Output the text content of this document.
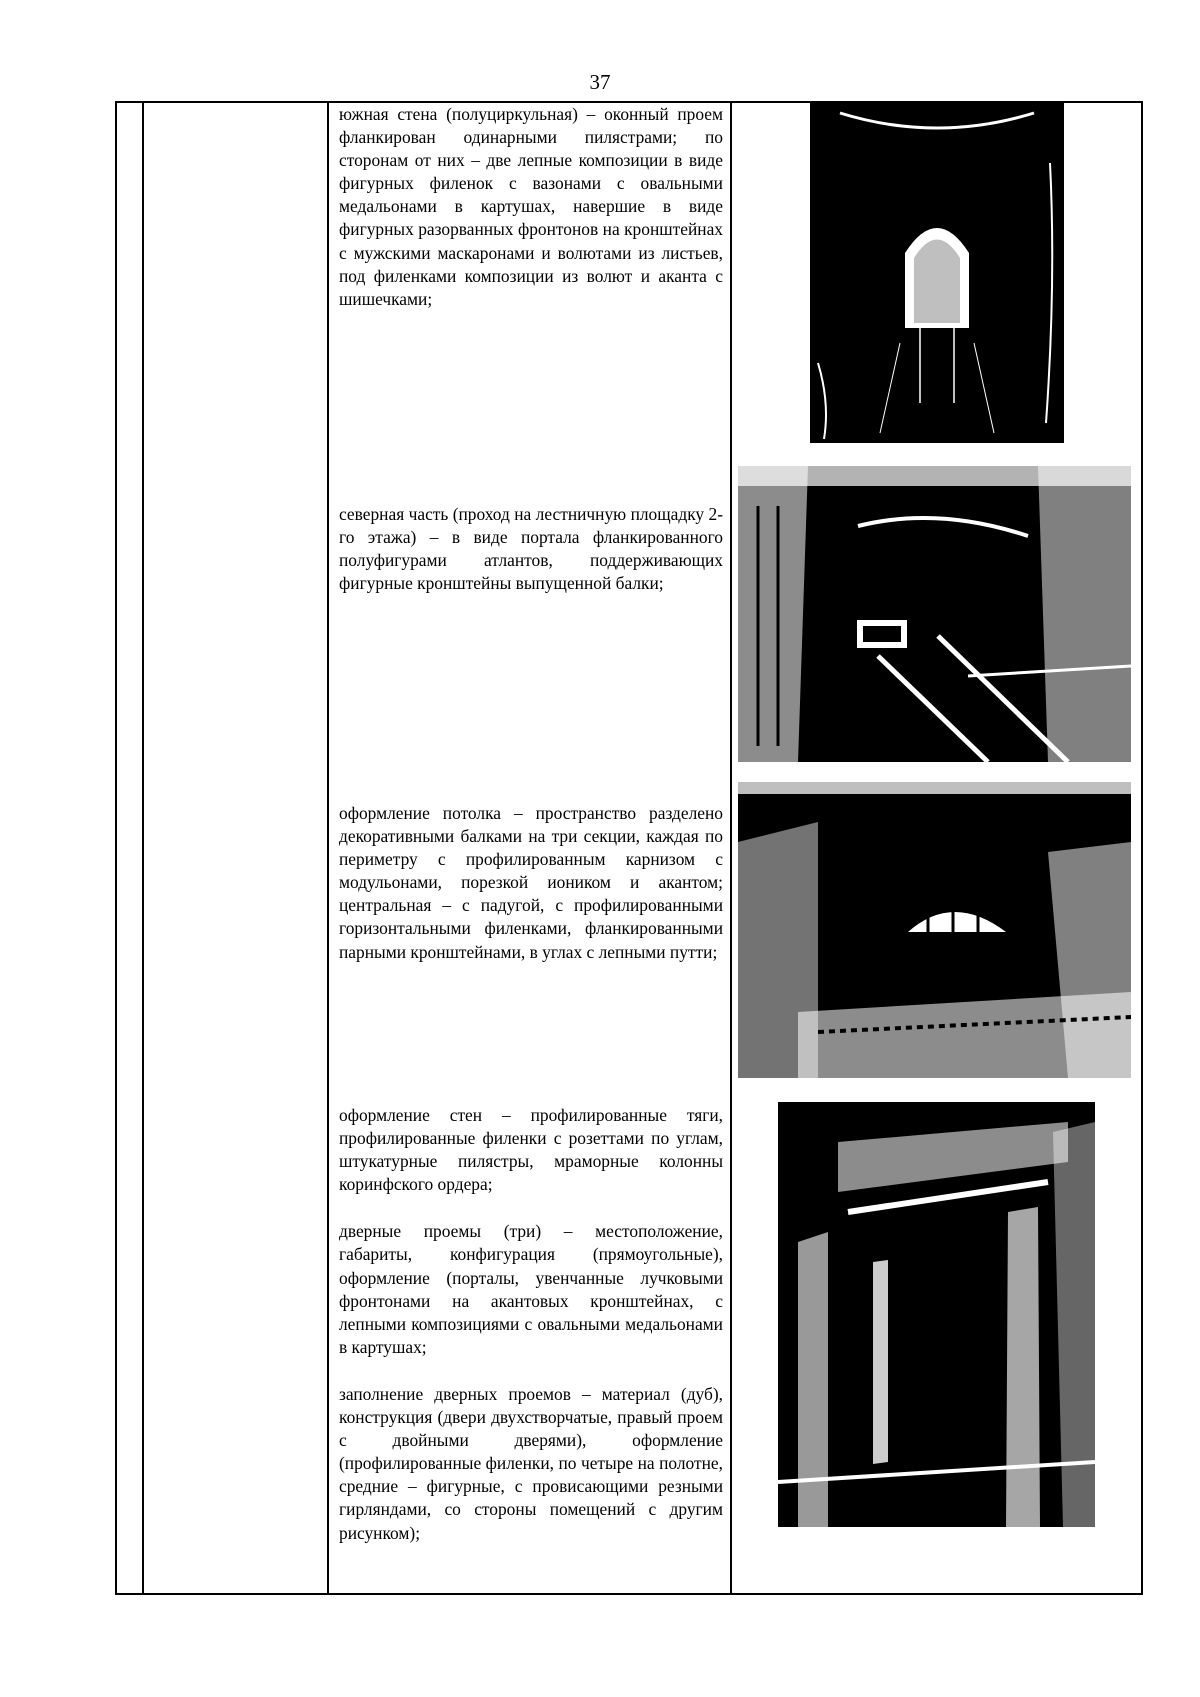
37

южная стена (полуциркульная) – оконный проем фланкирован одинарными пилястрами; по сторонам от них – две лепные композиции в виде фигурных филенок с вазонами с овальными медальонами в картушах, навершие в виде фигурных разорванных фронтонов на кронштейнах с мужскими маскаронами и волютами из листьев, под филенками композиции из волют и аканта с шишечками;

северная часть (проход на лестничную площадку 2-го этажа) – в виде портала фланкированного полуфигурами атлантов, поддерживающих фигурные кронштейны выпущенной балки;

оформление потолка – пространство разделено декоративными балками на три секции, каждая по периметру с профилированным карнизом с модульонами, порезкой иоником и акантом; центральная – с падугой, с профилированными горизонтальными филенками, фланкированными парными кронштейнами, в углах с лепными путти;

оформление стен – профилированные тяги, профилированные филенки с розеттами по углам, штукатурные пилястры, мраморные колонны коринфского ордера;

дверные проемы (три) – местоположение, габариты, конфигурация (прямоугольные), оформление (порталы, увенчанные лучковыми фронтонами на акантовых кронштейнах, с лепными композициями с овальными медальонами в картушах;

заполнение дверных проемов – материал (дуб), конструкция (двери двухстворчатые, правый проем с двойными дверями), оформление (профилированные филенки, по четыре на полотне, средние – фигурные, с провисающими резными гирляндами, со стороны помещений с другим рисунком);
